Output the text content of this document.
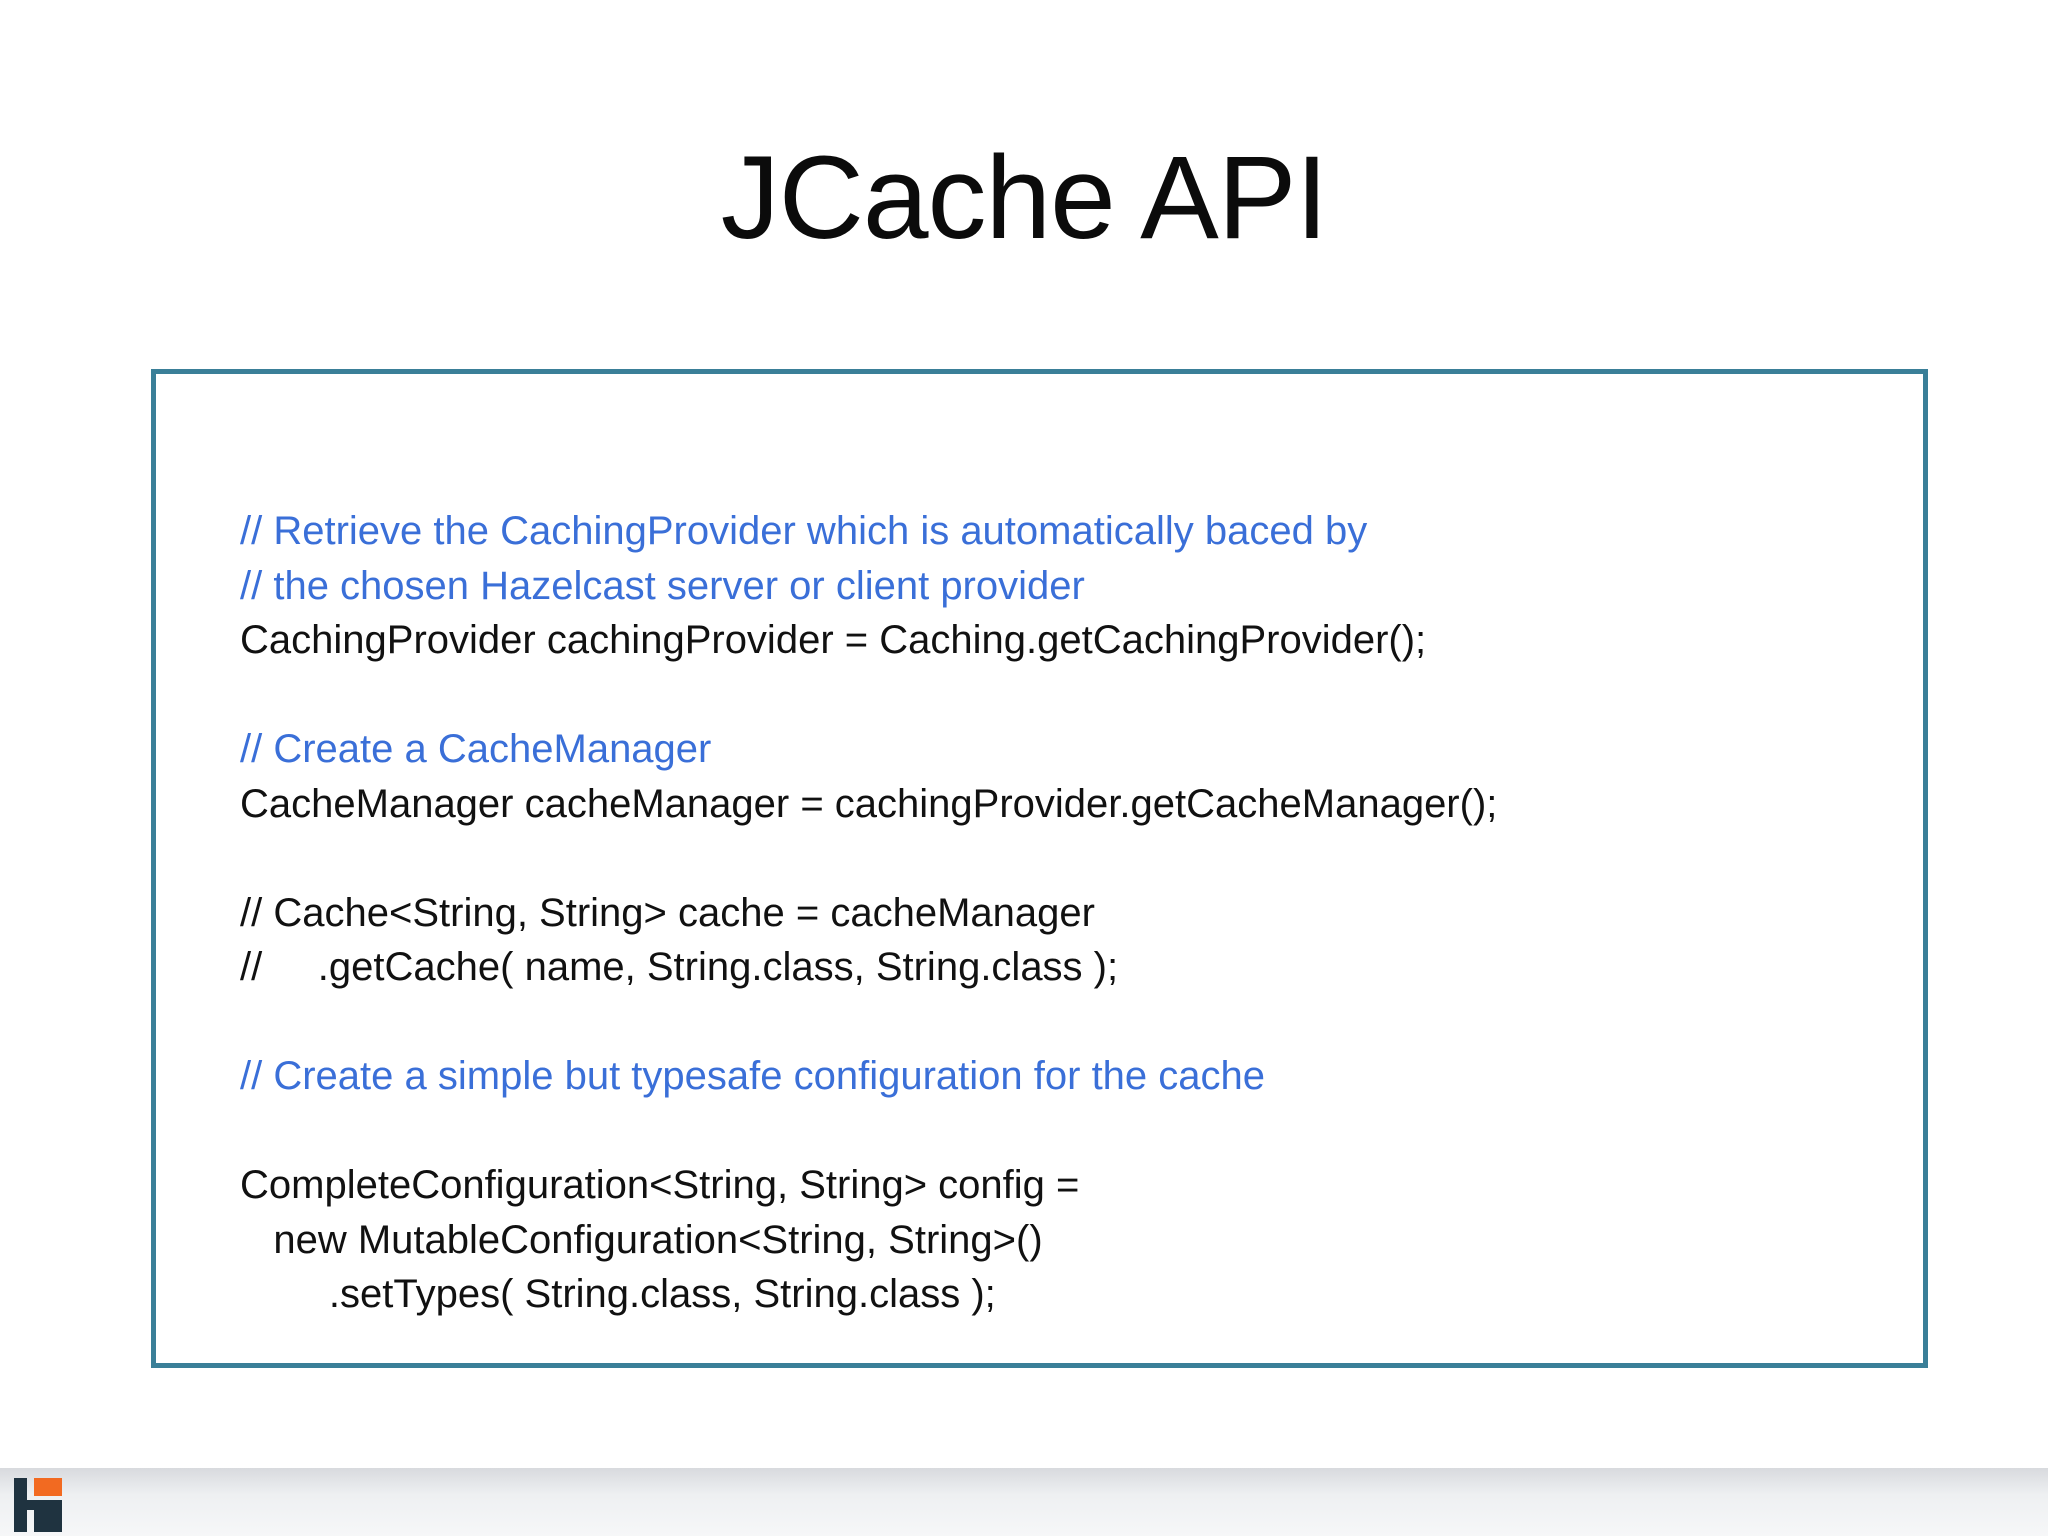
JCache API
// Retrieve the CachingProvider which is automatically baced by
// the chosen Hazelcast server or client provider
CachingProvider cachingProvider = Caching.getCachingProvider();
// Create a CacheManager
CacheManager cacheManager = cachingProvider.getCacheManager();
// Cache<String, String> cache = cacheManager
//     .getCache( name, String.class, String.class );
// Create a simple but typesafe configuration for the cache
CompleteConfiguration<String, String> config =
new MutableConfiguration<String, String>()
.setTypes( String.class, String.class );
